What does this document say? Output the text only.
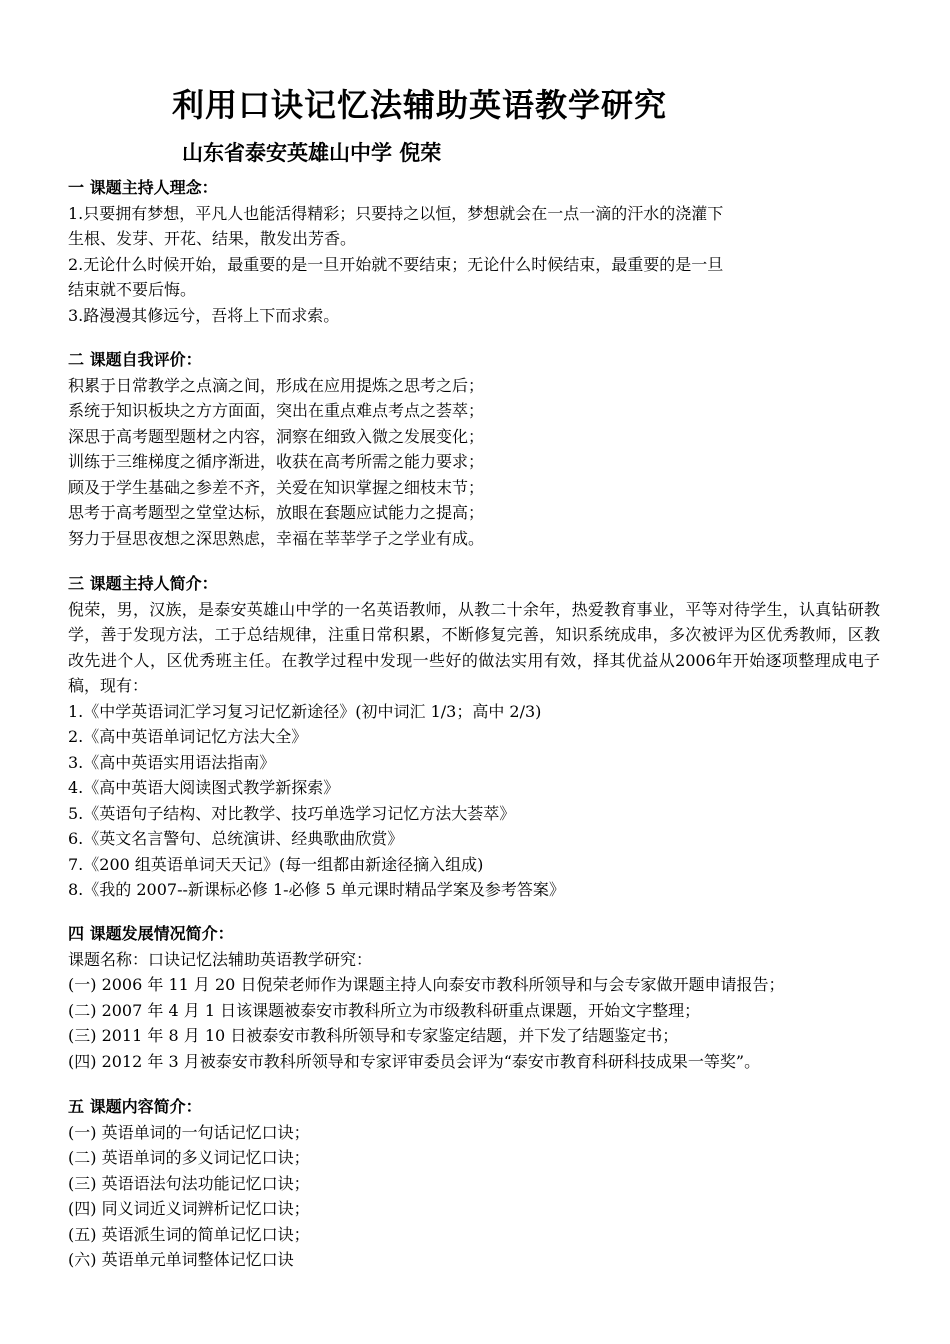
利用口诀记忆法辅助英语教学研究
山东省泰安英雄山中学 倪荣
一 课题主持人理念：
1.只要拥有梦想，平凡人也能活得精彩；只要持之以恒，梦想就会在一点一滴的汗水的浇灌下
生根、发芽、开花、结果，散发出芳香。
2.无论什么时候开始，最重要的是一旦开始就不要结束；无论什么时候结束，最重要的是一旦
结束就不要后悔。
3.路漫漫其修远兮，吾将上下而求索。
二 课题自我评价：
积累于日常教学之点滴之间，形成在应用提炼之思考之后；
系统于知识板块之方方面面，突出在重点难点考点之荟萃；
深思于高考题型题材之内容，洞察在细致入微之发展变化；
训练于三维梯度之循序渐进，收获在高考所需之能力要求；
顾及于学生基础之参差不齐，关爱在知识掌握之细枝末节；
思考于高考题型之堂堂达标，放眼在套题应试能力之提高；
努力于昼思夜想之深思熟虑，幸福在莘莘学子之学业有成。
三 课题主持人简介：
倪荣，男，汉族，是泰安英雄山中学的一名英语教师，从教二十余年，热爱教育事业，平等对待学生，认真钻研教学，善于发现方法，工于总结规律，注重日常积累，不断修复完善，知识系统成串，多次被评为区优秀教师，区教改先进个人，区优秀班主任。在教学过程中发现一些好的做法实用有效，择其优益从2006年开始逐项整理成电子稿，现有：
1.《中学英语词汇学习复习记忆新途径》(初中词汇 1/3；高中 2/3)
2.《高中英语单词记忆方法大全》
3.《高中英语实用语法指南》
4.《高中英语大阅读图式教学新探索》
5.《英语句子结构、对比教学、技巧单选学习记忆方法大荟萃》
6.《英文名言警句、总统演讲、经典歌曲欣赏》
7.《200 组英语单词天天记》(每一组都由新途径摘入组成)
8.《我的 2007--新课标必修 1-必修 5 单元课时精品学案及参考答案》
四 课题发展情况简介：
课题名称：口诀记忆法辅助英语教学研究：
(一) 2006 年 11 月 20 日倪荣老师作为课题主持人向泰安市教科所领导和与会专家做开题申请报告；
(二) 2007 年 4 月 1 日该课题被泰安市教科所立为市级教科研重点课题，开始文字整理；
(三) 2011 年 8 月 10 日被泰安市教科所领导和专家鉴定结题，并下发了结题鉴定书；
(四) 2012 年 3 月被泰安市教科所领导和专家评审委员会评为“泰安市教育科研科技成果一等奖”。
五 课题内容简介：
(一) 英语单词的一句话记忆口诀；
(二) 英语单词的多义词记忆口诀；
(三) 英语语法句法功能记忆口诀；
(四) 同义词近义词辨析记忆口诀；
(五) 英语派生词的简单记忆口诀；
(六) 英语单元单词整体记忆口诀
